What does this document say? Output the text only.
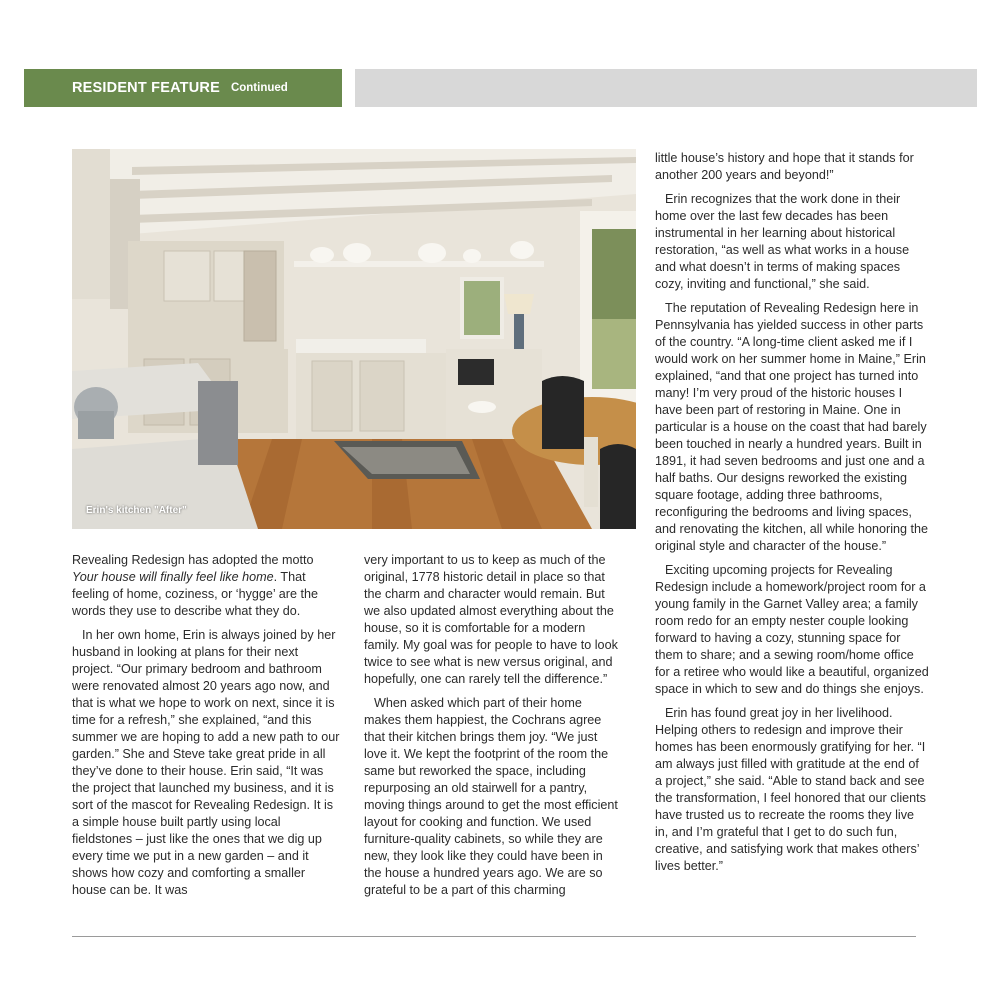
RESIDENT FEATURE Continued
Erin's kitchen "After"

Revealing Redesign has adopted the motto Your house will finally feel like home. That feeling of home, coziness, or ‘hygge’ are the words they use to describe what they do.

In her own home, Erin is always joined by her husband in looking at plans for their next project. “Our primary bedroom and bathroom were renovated almost 20 years ago now, and that is what we hope to work on next, since it is time for a refresh,” she explained, “and this summer we are hoping to add a new path to our garden.” She and Steve take great pride in all they’ve done to their house. Erin said, “It was the project that launched my business, and it is sort of the mascot for Revealing Redesign. It is a simple house built partly using local fieldstones – just like the ones that we dig up every time we put in a new garden – and it shows how cozy and comforting a smaller house can be. It was

very important to us to keep as much of the original, 1778 historic detail in place so that the charm and character would remain. But we also updated almost everything about the house, so it is comfortable for a modern family. My goal was for people to have to look twice to see what is new versus original, and hopefully, one can rarely tell the difference.”

When asked which part of their home makes them happiest, the Cochrans agree that their kitchen brings them joy. “We just love it. We kept the footprint of the room the same but reworked the space, including repurposing an old stairwell for a pantry, moving things around to get the most efficient layout for cooking and function. We used furniture-quality cabinets, so while they are new, they look like they could have been in the house a hundred years ago. We are so grateful to be a part of this charming

little house’s history and hope that it stands for another 200 years and beyond!”

Erin recognizes that the work done in their home over the last few decades has been instrumental in her learning about historical restoration, “as well as what works in a house and what doesn’t in terms of making spaces cozy, inviting and functional,” she said.

The reputation of Revealing Redesign here in Pennsylvania has yielded success in other parts of the country. “A long-time client asked me if I would work on her summer home in Maine,” Erin explained, “and that one project has turned into many! I’m very proud of the historic houses I have been part of restoring in Maine. One in particular is a house on the coast that had barely been touched in nearly a hundred years. Built in 1891, it had seven bedrooms and just one and a half baths. Our designs reworked the existing square footage, adding three bathrooms, reconfiguring the bedrooms and living spaces, and renovating the kitchen, all while honoring the original style and character of the house.”

Exciting upcoming projects for Revealing Redesign include a homework/project room for a young family in the Garnet Valley area; a family room redo for an empty nester couple looking forward to having a cozy, stunning space for them to share; and a sewing room/home office for a retiree who would like a beautiful, organized space in which to sew and do things she enjoys.

Erin has found great joy in her livelihood. Helping others to redesign and improve their homes has been enormously gratifying for her. “I am always just filled with gratitude at the end of a project,” she said. “Able to stand back and see the transformation, I feel honored that our clients have trusted us to recreate the rooms they live in, and I’m grateful that I get to do such fun, creative, and satisfying work that makes others’ lives better.”
